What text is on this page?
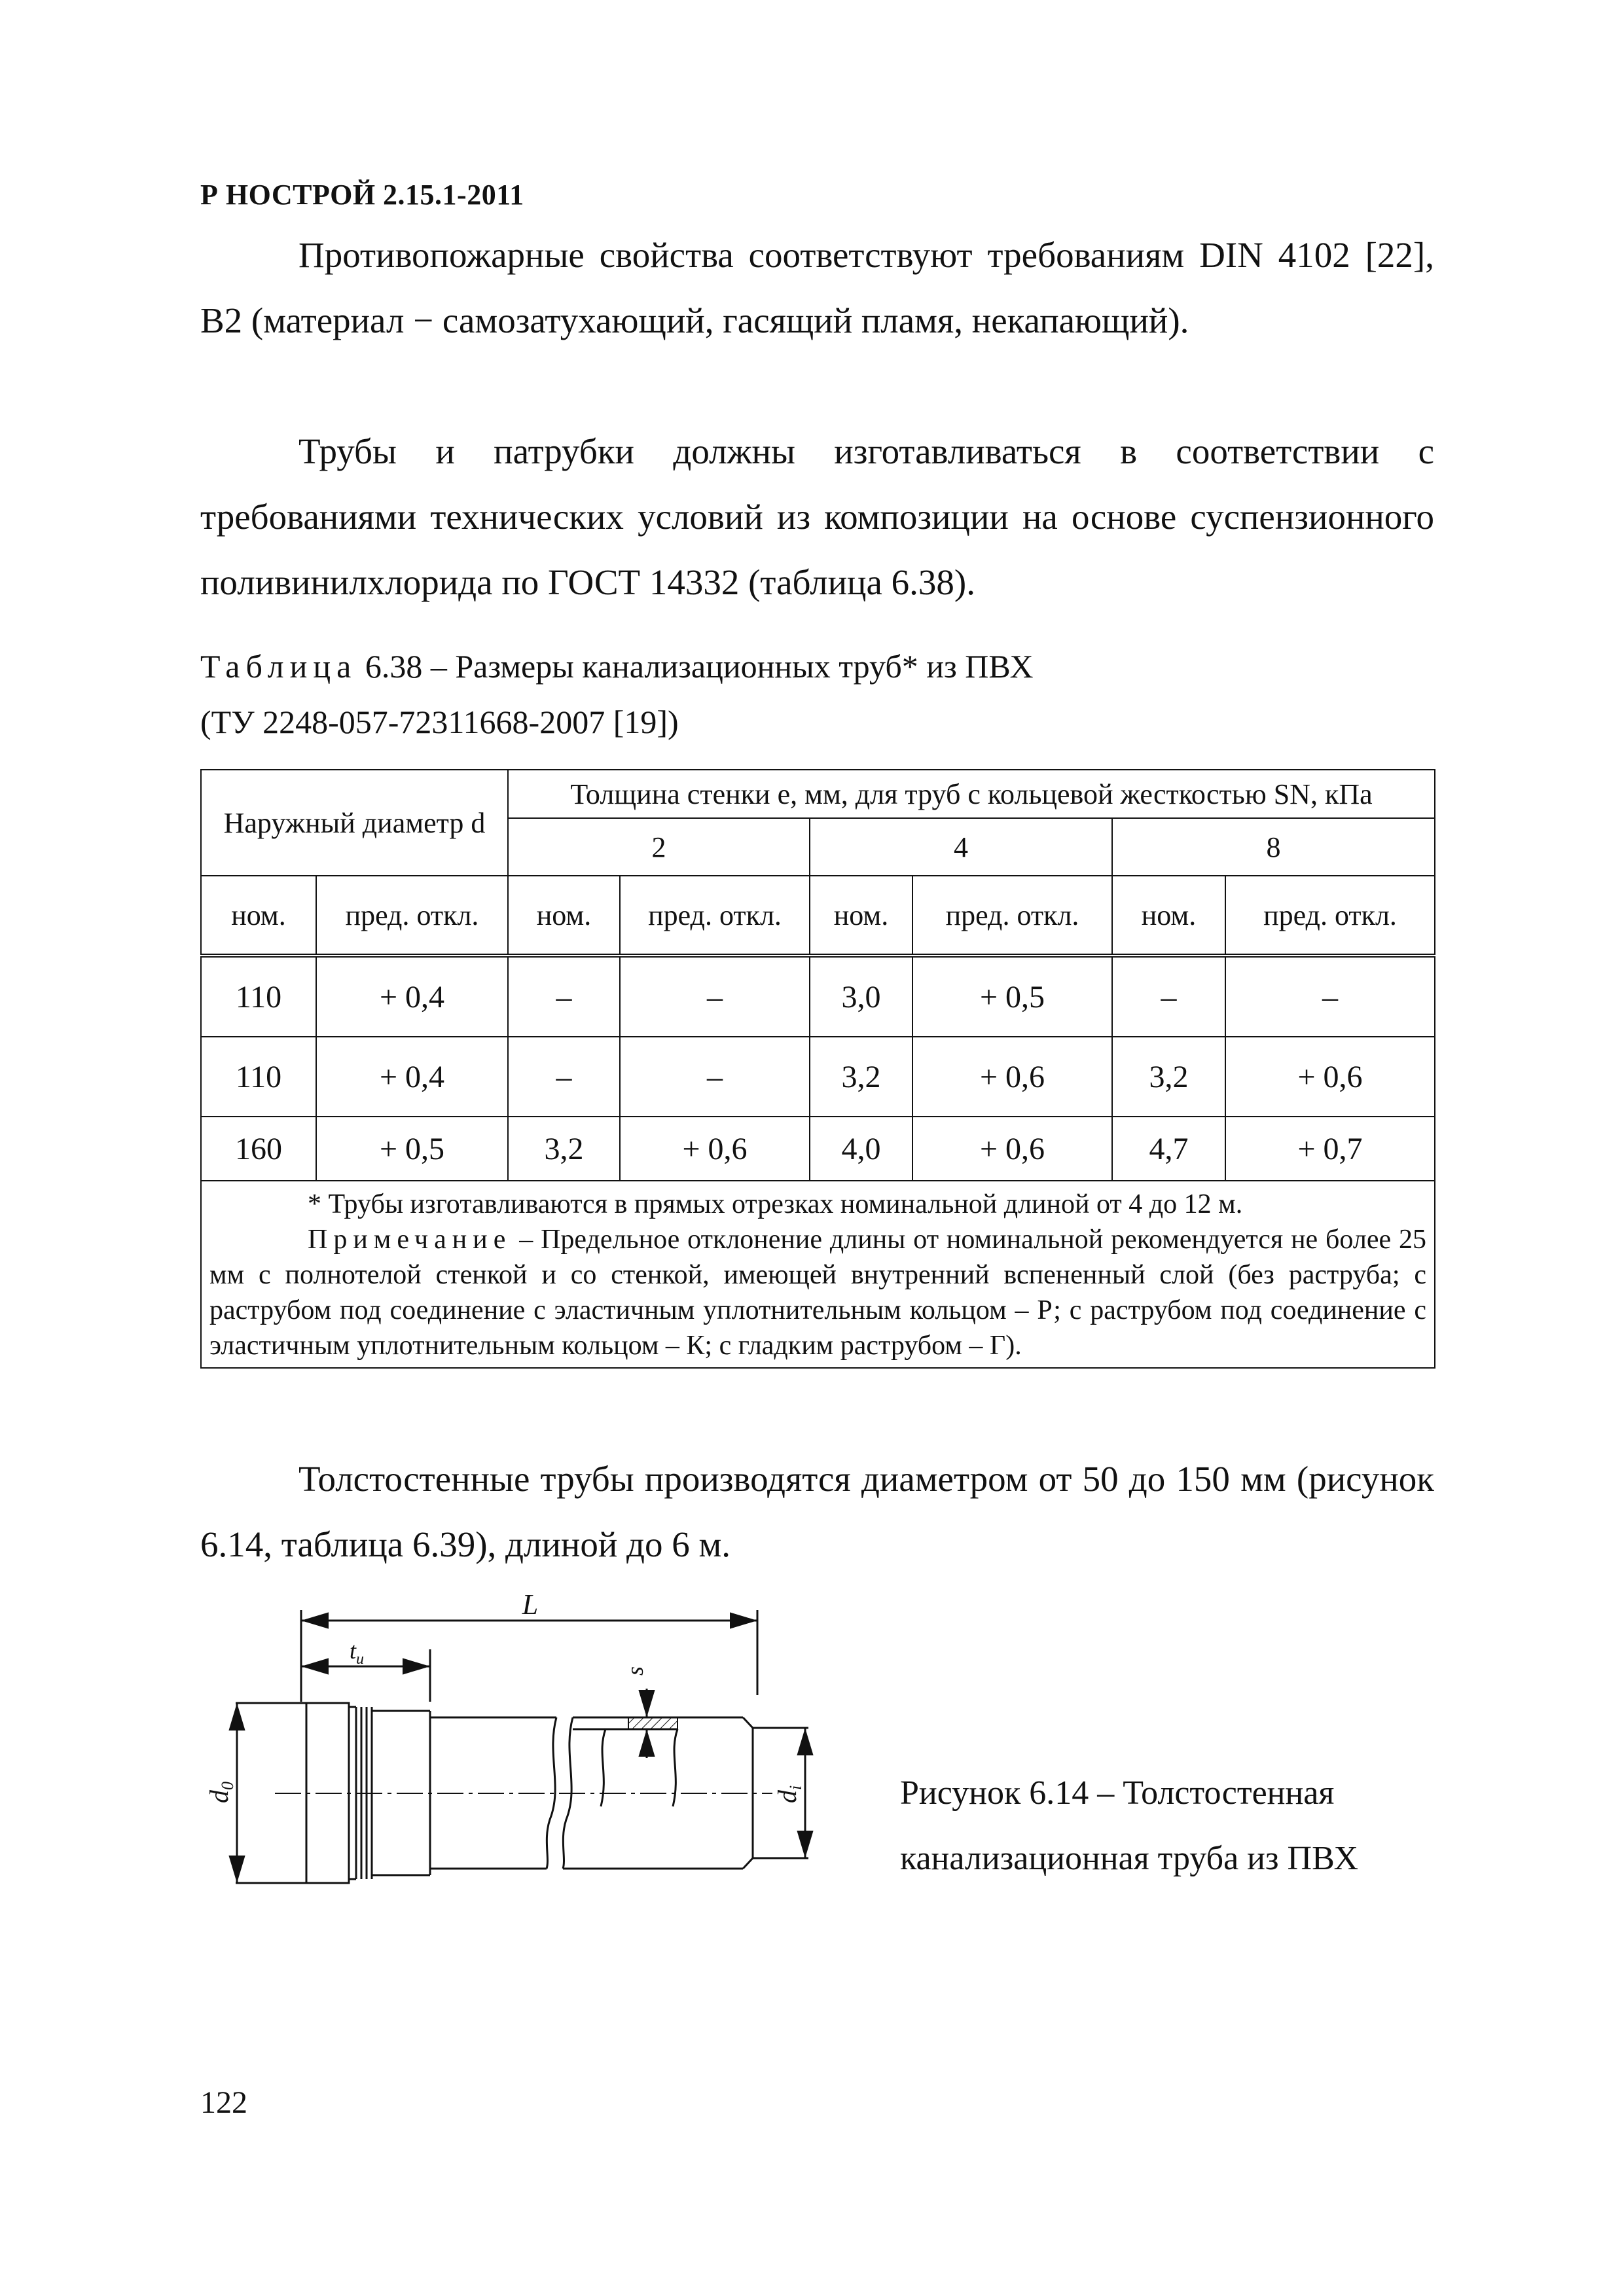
Р НОСТРОЙ 2.15.1-2011

Противопожарные свойства соответствуют требованиям DIN 4102 [22], B2 (материал − самозатухающий, гасящий пламя, некапающий).

Трубы и патрубки должны изготавливаться в соответствии с требованиями технических условий из композиции на основе суспензионного поливинилхлорида по ГОСТ 14332 (таблица 6.38).

Таблица 6.38 – Размеры канализационных труб* из ПВХ
(ТУ 2248-057-72311668-2007 [19])
Наружный диаметр d		Толщина стенки e, мм, для труб с кольцевой жесткостью SN, кПа					
		2		4		8	
ном.	пред. откл.	ном.	пред. откл.	ном.	пред. откл.	ном.	пред. откл.
110	+ 0,4	–	–	3,0	+ 0,5	–	–
110	+ 0,4	–	–	3,2	+ 0,6	3,2	+ 0,6
160	+ 0,5	3,2	+ 0,6	4,0	+ 0,6	4,7	+ 0,7

* Трубы изготавливаются в прямых отрезках номинальной длиной от 4 до 12 м.
Примечание – Предельное отклонение длины от номинальной рекомендуется не более 25 мм с полнотелой стенкой и со стенкой, имеющей внутренний вспененный слой (без раструба; с раструбом под соединение с эластичным уплотнительным кольцом – Р; с раструбом под соединение с эластичным уплотнительным кольцом – К; с гладким раструбом – Г).							

Толстостенные трубы производятся диаметром от 50 до 150 мм (рисунок 6.14, таблица 6.39), длиной до 6 м.

L
$t_u$
s
$d_0$
$d_i$	Рисунок 6.14 – Толстостенная
канализационная труба из ПВХ
122
